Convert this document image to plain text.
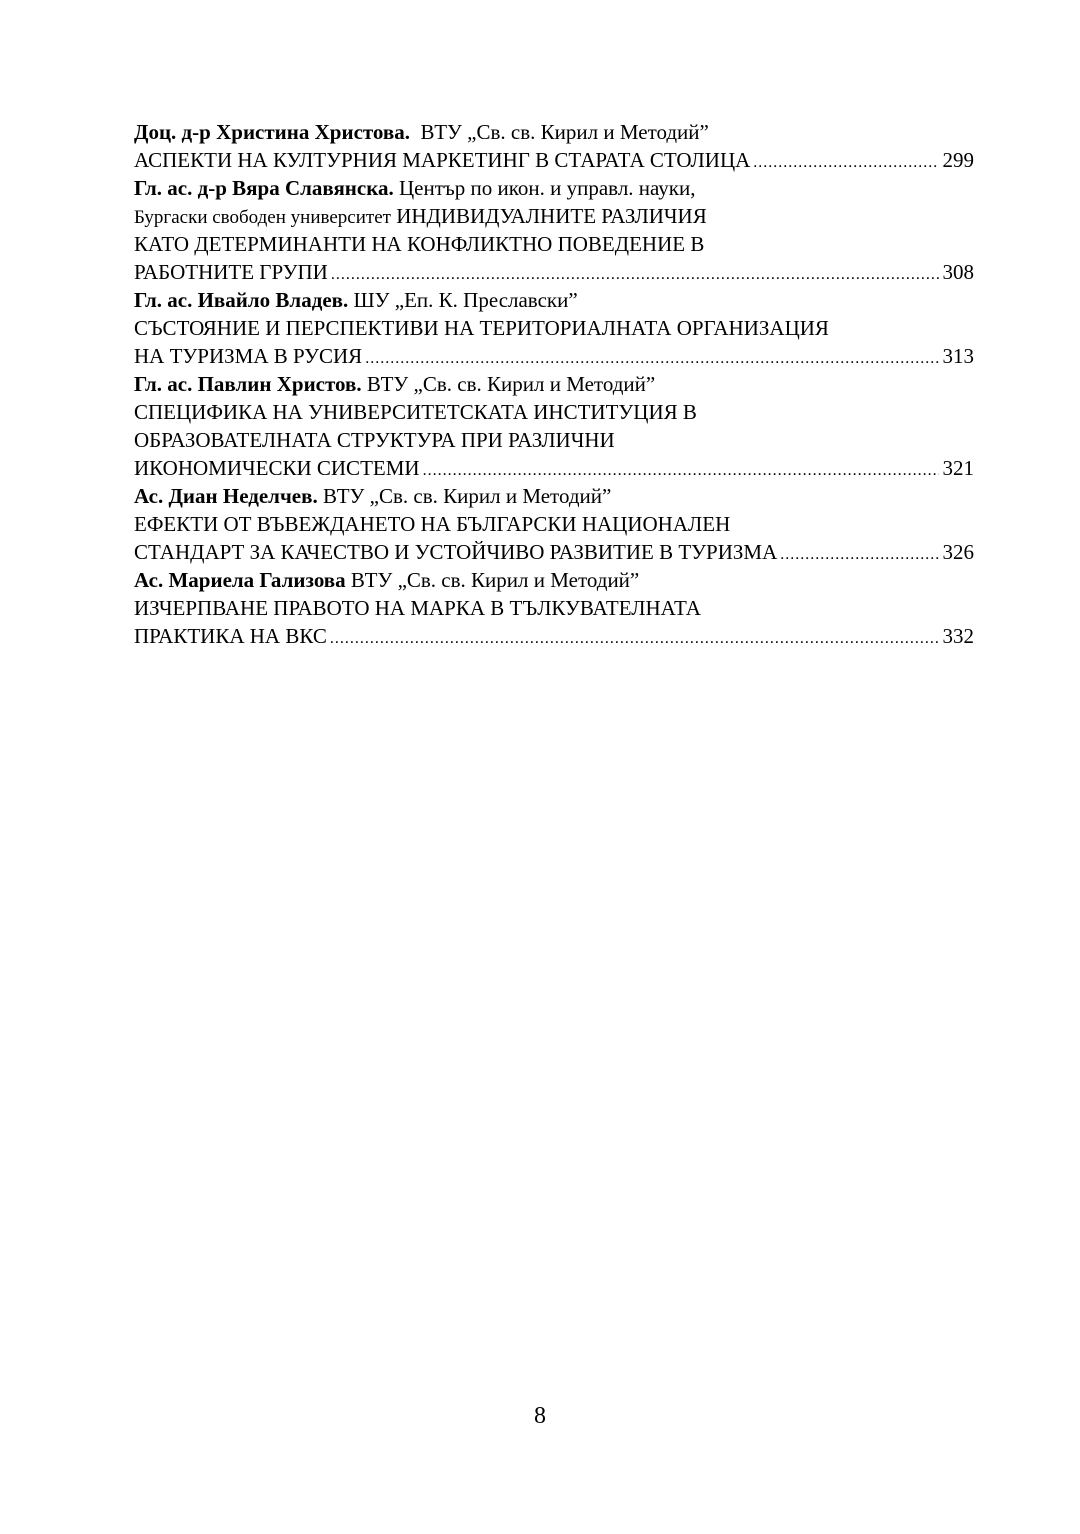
Доц. д-р Христина Христова. ВТУ „Св. св. Кирил и Методий”
АСПЕКТИ НА КУЛТУРНИЯ МАРКЕТИНГ В СТАРАТА СТОЛИЦА .....	299
Гл. ас. д-р Вяра Славянска. Център по икон. и управл. науки,
Бургаски свободен университет ИНДИВИДУАЛНИТЕ РАЗЛИЧИЯ
КАТО ДЕТЕРМИНАНТИ НА КОНФЛИКТНО ПОВЕДЕНИЕ В
РАБОТНИТЕ ГРУПИ .....	308
Гл. ас. Ивайло Владев. ШУ „Еп. К. Преславски”
СЪСТОЯНИЕ И ПЕРСПЕКТИВИ НА ТЕРИТОРИАЛНАТА ОРГАНИЗАЦИЯ
НА ТУРИЗМА В РУСИЯ .....	313
Гл. ас. Павлин Христов. ВТУ „Св. св. Кирил и Методий”
СПЕЦИФИКА НА УНИВЕРСИТЕТСКАТА ИНСТИТУЦИЯ В
ОБРАЗОВАТЕЛНАТА СТРУКТУРА ПРИ РАЗЛИЧНИ
ИКОНОМИЧЕСКИ СИСТЕМИ .....	321
Ас. Диан Неделчев. ВТУ „Св. св. Кирил и Методий”
ЕФЕКТИ ОТ ВЪВЕЖДАНЕТО НА БЪЛГАРСКИ НАЦИОНАЛЕН
СТАНДАРТ ЗА КАЧЕСТВО И УСТОЙЧИВО РАЗВИТИЕ В ТУРИЗМА .....	326
Ас. Мариела Гализова ВТУ „Св. св. Кирил и Методий”
ИЗЧЕРПВАНЕ ПРАВОТО НА МАРКА В ТЪЛКУВАТЕЛНАТА
ПРАКТИКА НА ВКС .....	332
8
